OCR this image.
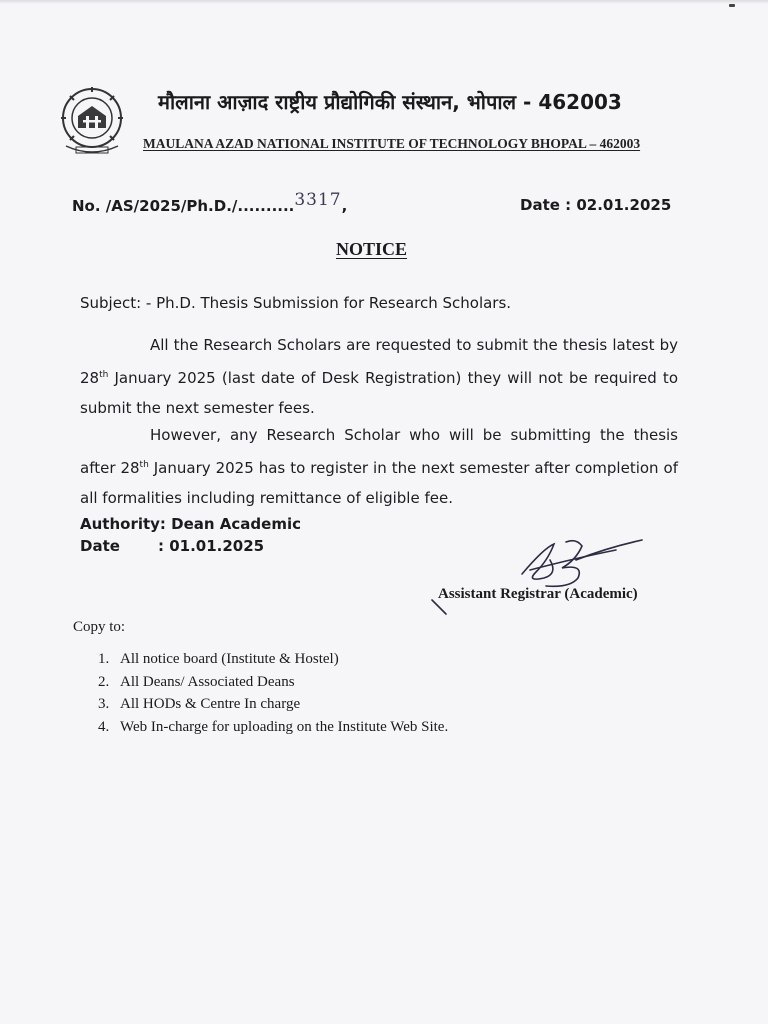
मौलाना आज़ाद राष्ट्रीय प्रौद्योगिकी संस्थान, भोपाल - 462003
MAULANA AZAD NATIONAL INSTITUTE OF TECHNOLOGY BHOPAL – 462003
No. /AS/2025/Ph.D./..........3317,	Date : 02.01.2025
NOTICE
Subject: - Ph.D. Thesis Submission for Research Scholars.
All the Research Scholars are requested to submit the thesis latest by 28th January 2025 (last date of Desk Registration) they will not be required to submit the next semester fees.
However, any Research Scholar who will be submitting the thesis after 28th January 2025 has to register in the next semester after completion of all formalities including remittance of eligible fee.
Authority: Dean Academic
Date	: 01.01.2025
Assistant Registrar (Academic)
Copy to:
1. All notice board (Institute & Hostel)
2. All Deans/ Associated Deans
3. All HODs & Centre In charge
4. Web In-charge for uploading on the Institute Web Site.
